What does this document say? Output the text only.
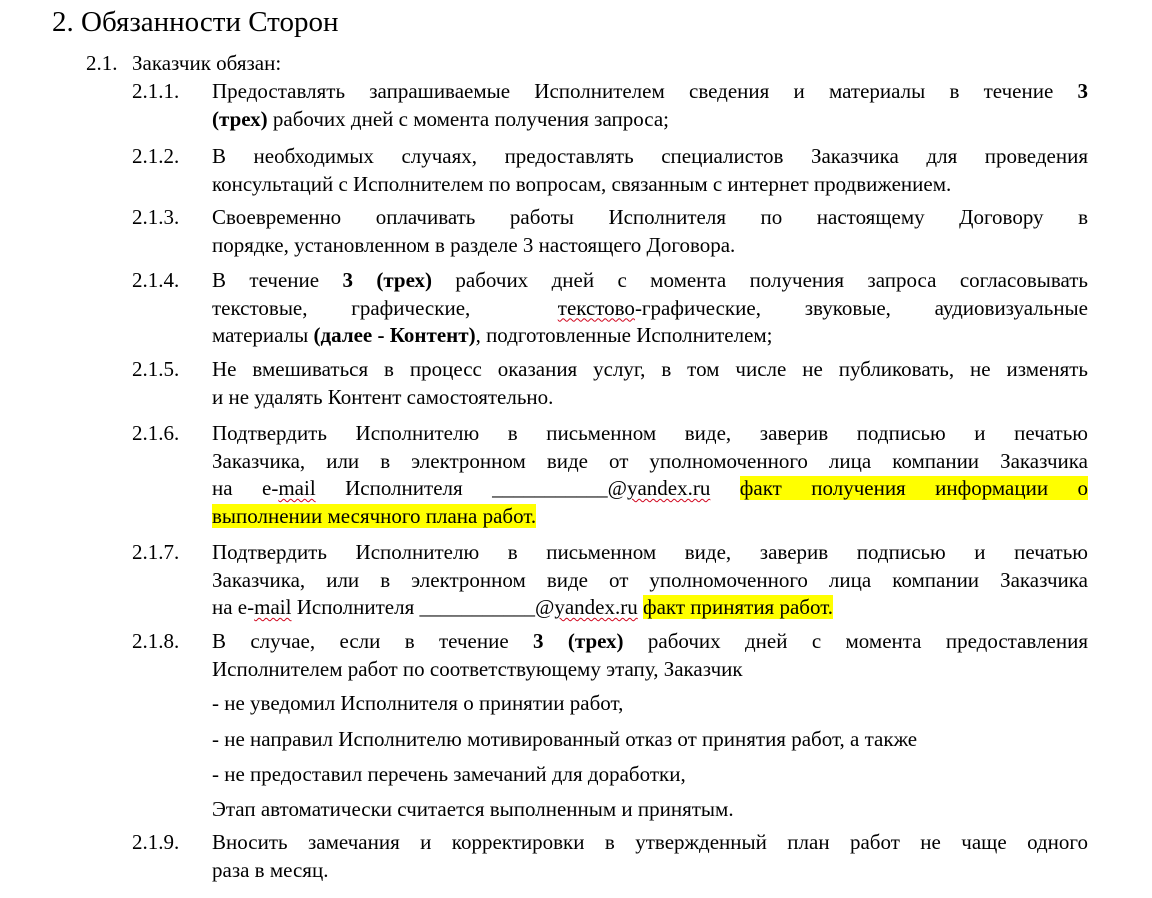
2. Обязанности Сторон
2.1. Заказчик обязан:
2.1.1. Предоставлять запрашиваемые Исполнителем сведения и материалы в течение 3
(трех) рабочих дней с момента получения запроса;
2.1.2. В необходимых случаях, предоставлять специалистов Заказчика для проведения
консультаций с Исполнителем по вопросам, связанным с интернет продвижением.
2.1.3. Своевременно оплачивать работы Исполнителя по настоящему Договору в
порядке, установленном в разделе 3 настоящего Договора.
2.1.4. В течение 3 (трех) рабочих дней с момента получения запроса согласовывать
текстовые, графические,	текстово-графические, звуковые, аудиовизуальные
материалы (далее - Контент), подготовленные Исполнителем;
2.1.5. Не вмешиваться в процесс оказания услуг, в том числе не публиковать, не изменять
и не удалять Контент самостоятельно.
2.1.6. Подтвердить Исполнителю в письменном виде, заверив подписью и печатью
Заказчика, или в электронном виде от уполномоченного лица компании Заказчика
на e-mail Исполнителя ___________@yandex.ru факт получения информации о
выполнении месячного плана работ.
2.1.7. Подтвердить Исполнителю в письменном виде, заверив подписью и печатью
Заказчика, или в электронном виде от уполномоченного лица компании Заказчика
на e-mail Исполнителя ___________@yandex.ru факт принятия работ.
2.1.8. В случае, если в течение 3 (трех) рабочих дней с момента предоставления
Исполнителем работ по соответствующему этапу, Заказчик
- не уведомил Исполнителя о принятии работ,
- не направил Исполнителю мотивированный отказ от принятия работ, а также
- не предоставил перечень замечаний для доработки,
Этап автоматически считается выполненным и принятым.
2.1.9. Вносить замечания и корректировки в утвержденный план работ не чаще одного
раза в месяц.
